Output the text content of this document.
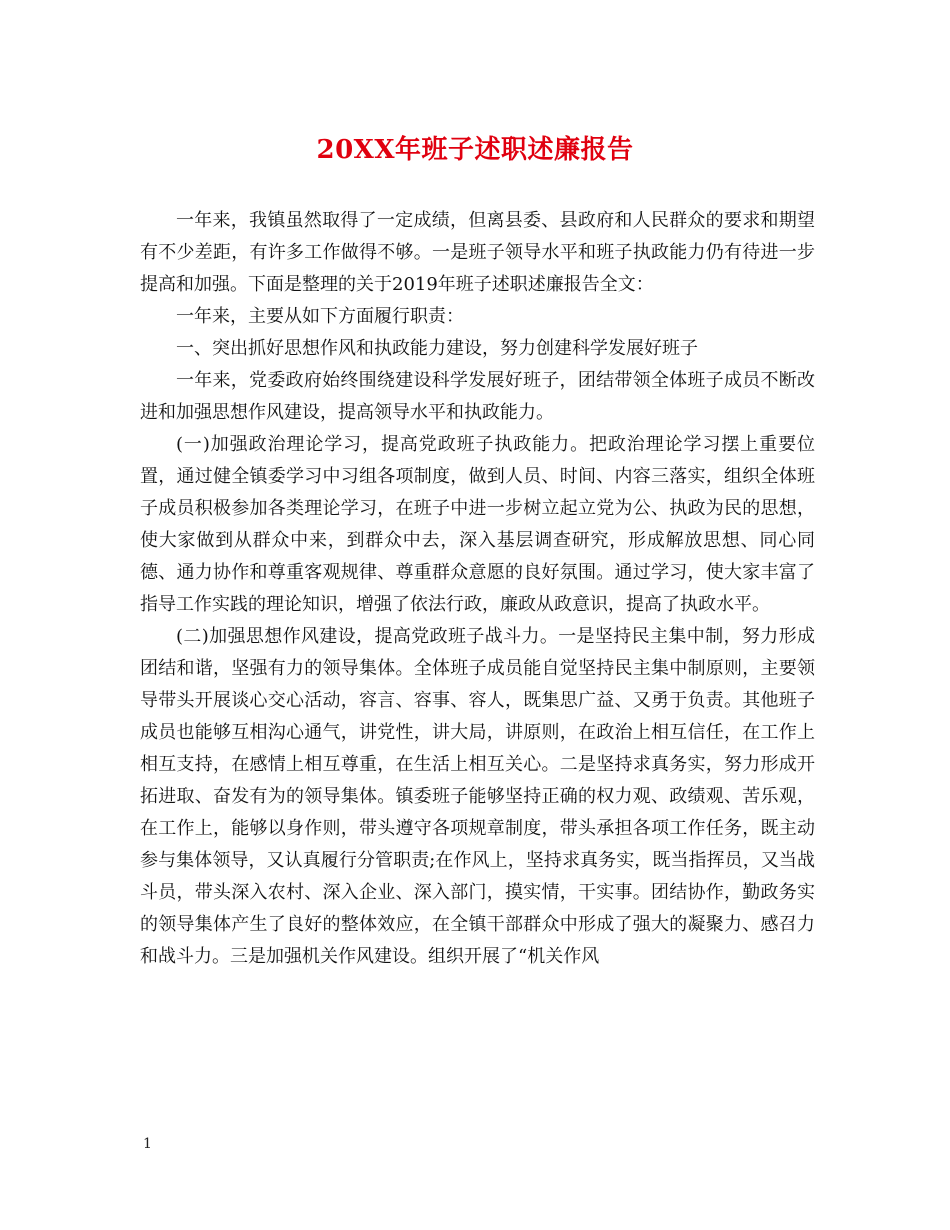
20XX年班子述职述廉报告

一年来，我镇虽然取得了一定成绩，但离县委、县政府和人民群众的要求和期望有不少差距，有许多工作做得不够。一是班子领导水平和班子执政能力仍有待进一步提高和加强。下面是整理的关于2019年班子述职述廉报告全文：

一年来，主要从如下方面履行职责：

一、突出抓好思想作风和执政能力建设，努力创建科学发展好班子

一年来，党委政府始终围绕建设科学发展好班子，团结带领全体班子成员不断改进和加强思想作风建设，提高领导水平和执政能力。

(一)加强政治理论学习，提高党政班子执政能力。把政治理论学习摆上重要位置，通过健全镇委学习中习组各项制度，做到人员、时间、内容三落实，组织全体班子成员积极参加各类理论学习，在班子中进一步树立起立党为公、执政为民的思想，使大家做到从群众中来，到群众中去，深入基层调查研究，形成解放思想、同心同德、通力协作和尊重客观规律、尊重群众意愿的良好氛围。通过学习，使大家丰富了指导工作实践的理论知识，增强了依法行政，廉政从政意识，提高了执政水平。

(二)加强思想作风建设，提高党政班子战斗力。一是坚持民主集中制，努力形成团结和谐，坚强有力的领导集体。全体班子成员能自觉坚持民主集中制原则，主要领导带头开展谈心交心活动，容言、容事、容人，既集思广益、又勇于负责。其他班子成员也能够互相沟心通气，讲党性，讲大局，讲原则，在政治上相互信任，在工作上相互支持，在感情上相互尊重，在生活上相互关心。二是坚持求真务实，努力形成开拓进取、奋发有为的领导集体。镇委班子能够坚持正确的权力观、政绩观、苦乐观，在工作上，能够以身作则，带头遵守各项规章制度，带头承担各项工作任务，既主动参与集体领导，又认真履行分管职责;在作风上，坚持求真务实，既当指挥员，又当战斗员，带头深入农村、深入企业、深入部门，摸实情，干实事。团结协作，勤政务实的领导集体产生了良好的整体效应，在全镇干部群众中形成了强大的凝聚力、感召力和战斗力。三是加强机关作风建设。组织开展了“机关作风

1
